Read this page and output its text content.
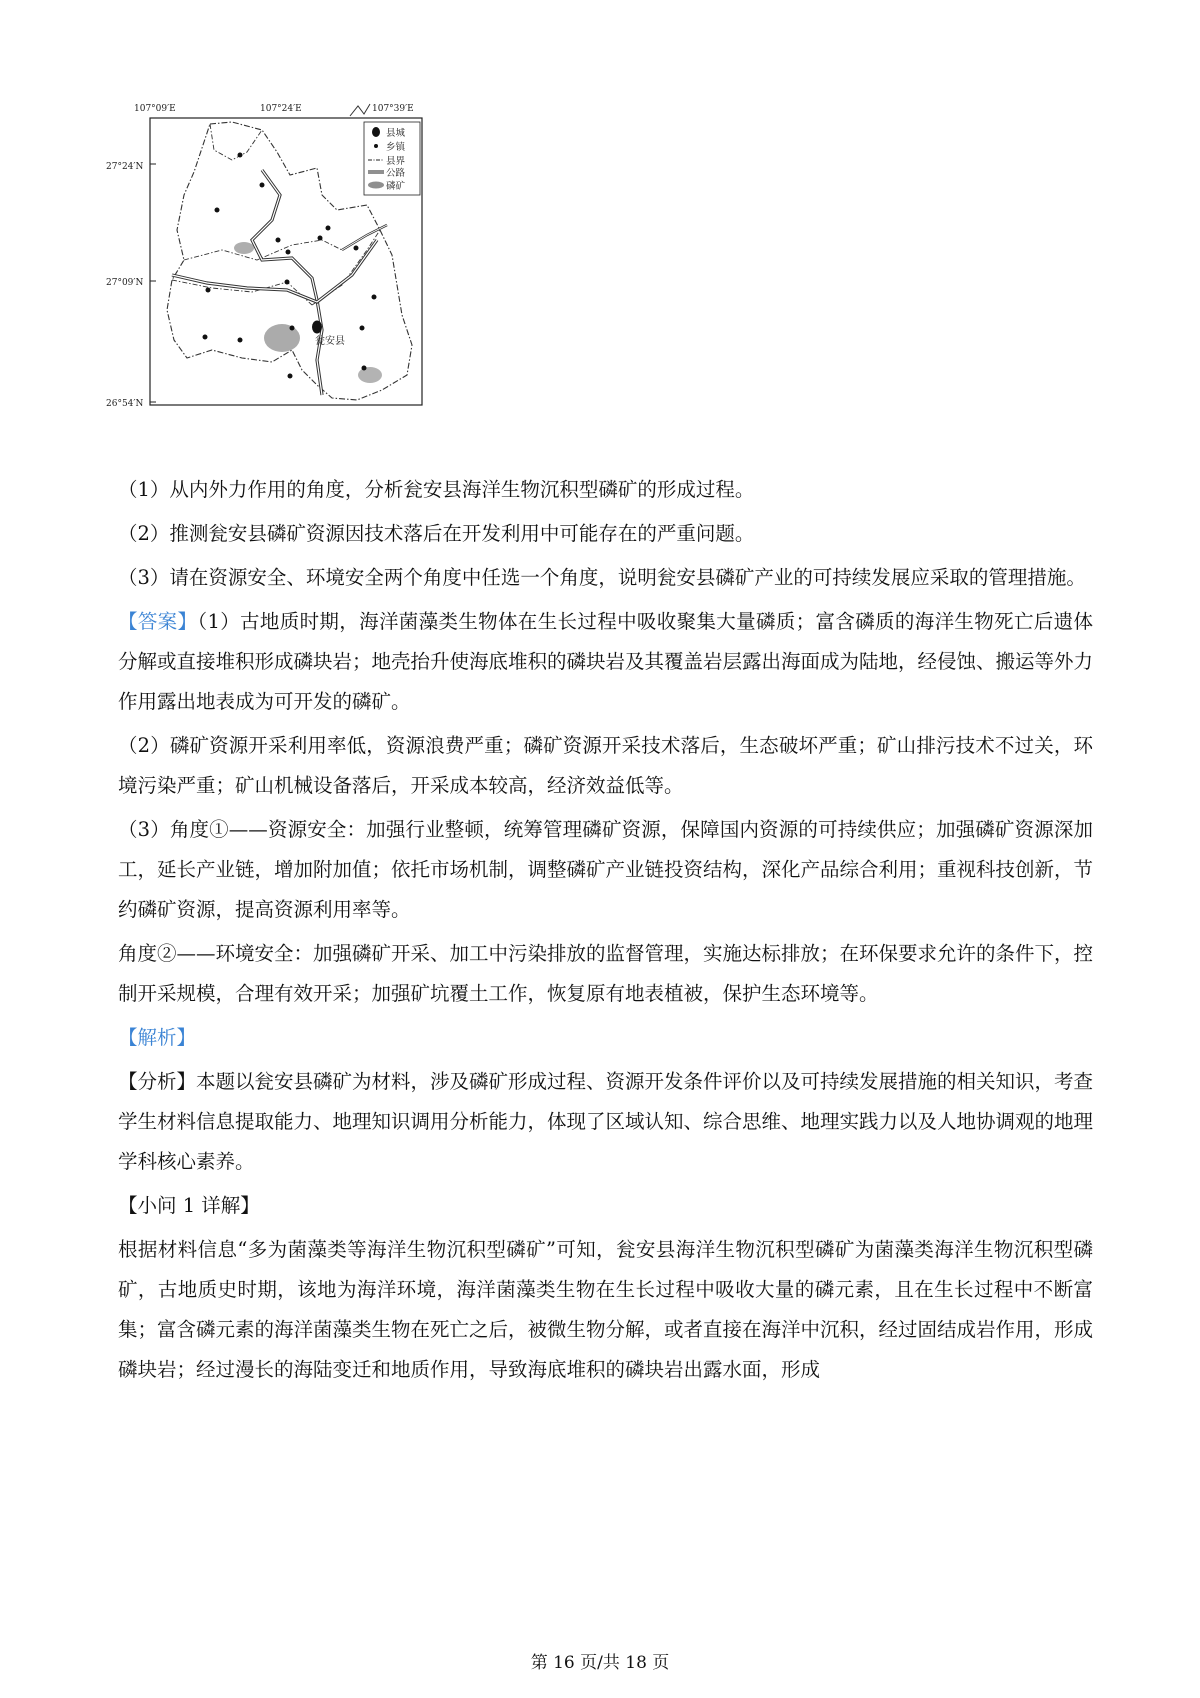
107°09′E	107°24′E	107°39′E
27°24′N
27°09′N
26°54′N
瓮安县
县城
乡镇
县界
公路
磷矿

（1）从内外力作用的角度，分析瓮安县海洋生物沉积型磷矿的形成过程。

（2）推测瓮安县磷矿资源因技术落后在开发利用中可能存在的严重问题。

（3）请在资源安全、环境安全两个角度中任选一个角度，说明瓮安县磷矿产业的可持续发展应采取的管理措施。

【答案】（1）古地质时期，海洋菌藻类生物体在生长过程中吸收聚集大量磷质；富含磷质的海洋生物死亡后遗体分解或直接堆积形成磷块岩；地壳抬升使海底堆积的磷块岩及其覆盖岩层露出海面成为陆地，经侵蚀、搬运等外力作用露出地表成为可开发的磷矿。

（2）磷矿资源开采利用率低，资源浪费严重；磷矿资源开采技术落后，生态破坏严重；矿山排污技术不过关，环境污染严重；矿山机械设备落后，开采成本较高，经济效益低等。

（3）角度①——资源安全：加强行业整顿，统筹管理磷矿资源，保障国内资源的可持续供应；加强磷矿资源深加工，延长产业链，增加附加值；依托市场机制，调整磷矿产业链投资结构，深化产品综合利用；重视科技创新，节约磷矿资源，提高资源利用率等。

角度②——环境安全：加强磷矿开采、加工中污染排放的监督管理，实施达标排放；在环保要求允许的条件下，控制开采规模，合理有效开采；加强矿坑覆土工作，恢复原有地表植被，保护生态环境等。

【解析】

【分析】本题以瓮安县磷矿为材料，涉及磷矿形成过程、资源开发条件评价以及可持续发展措施的相关知识，考查学生材料信息提取能力、地理知识调用分析能力，体现了区域认知、综合思维、地理实践力以及人地协调观的地理学科核心素养。

【小问 1 详解】

根据材料信息“多为菌藻类等海洋生物沉积型磷矿”可知，瓮安县海洋生物沉积型磷矿为菌藻类海洋生物沉积型磷矿，古地质史时期，该地为海洋环境，海洋菌藻类生物在生长过程中吸收大量的磷元素，且在生长过程中不断富集；富含磷元素的海洋菌藻类生物在死亡之后，被微生物分解，或者直接在海洋中沉积，经过固结成岩作用，形成磷块岩；经过漫长的海陆变迁和地质作用，导致海底堆积的磷块岩出露水面，形成

第 16 页/共 18 页
